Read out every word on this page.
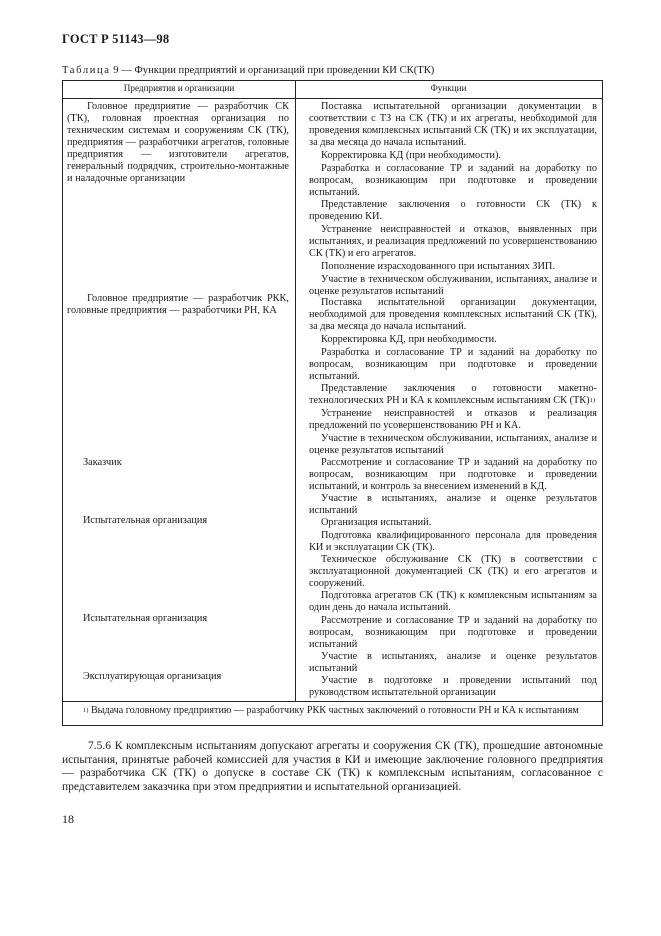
ГОСТ Р 51143—98
Таблица 9 — Функции предприятий и организаций при проведении КИ СК(ТК)
Предприятия и организации	Функции
Головное предприятие — разработчик СК (ТК), головная проектная организация по техническим системам и сооружениям СК (ТК), предприятия — разработчики агрегатов, головные предприятия — изготовители агрегатов, генеральный подрядчик, строительно-монтажные и наладочные организации
Головное предприятие — разработчик РКК, головные предприятия — разработчики РН, КА
Заказчик
Испытательная организация
Испытательная организация
Эксплуатирующая организация
Поставка испытательной организации документации в соответствии с ТЗ на СК (ТК) и их агрегаты, необходимой для проведения комплексных испытаний СК (ТК) и их эксплуатации, за два месяца до начала испытаний.
Корректировка КД (при необходимости).
Разработка и согласование ТР и заданий на доработку по вопросам, возникающим при подготовке и проведении испытаний.
Представление заключения о готовности СК (ТК) к проведению КИ.
Устранение неисправностей и отказов, выявленных при испытаниях, и реализация предложений по усовершенствованию СК (ТК) и его агрегатов.
Пополнение израсходованного при испытаниях ЗИП.
Участие в техническом обслуживании, испытаниях, анализе и оценке результатов испытаний
Поставка испытательной организации документации, необходимой для проведения комплексных испытаний СК (ТК), за два месяца до начала испытаний.
Корректировка КД, при необходимости.
Разработка и согласование ТР и заданий на доработку по вопросам, возникающим при подготовке и проведении испытаний.
Представление заключения о готовности макетно-технологических РН и КА к комплексным испытаниям СК (ТК)$^{1)}$
Устранение неисправностей и отказов и реализация предложений по усовершенствованию РН и КА.
Участие в техническом обслуживании, испытаниях, анализе и оценке результатов испытаний
Рассмотрение и согласование ТР и заданий на доработку по вопросам, возникающим при подготовке и проведении испытаний, и контроль за внесением изменений в КД.
Участие в испытаниях, анализе и оценке результатов испытаний
Организация испытаний.
Подготовка квалифицированного персонала для проведения КИ и эксплуатации СК (ТК).
Техническое обслуживание СК (ТК) в соответствии с эксплуатационной документацией СК (ТК) и его агрегатов и сооружений.
Подготовка агрегатов СК (ТК) к комплексным испытаниям за один день до начала испытаний.
Рассмотрение и согласование ТР и заданий на доработку по вопросам, возникающим при подготовке и проведении испытаний
Участие в испытаниях, анализе и оценке результатов испытаний
Участие в подготовке и проведении испытаний под руководством испытательной организации
$^{1)}$ Выдача головному предприятию — разработчику РКК частных заключений о готовности РН и КА к испытаниям
7.5.6 К комплексным испытаниям допускают агрегаты и сооружения СК (ТК), прошедшие автономные испытания, принятые рабочей комиссией для участия в КИ и имеющие заключение головного предприятия — разработчика СК (ТК) о допуске в составе СК (ТК) к комплексным испытаниям, согласованное с представителем заказчика при этом предприятии и испытательной организацией.
18
